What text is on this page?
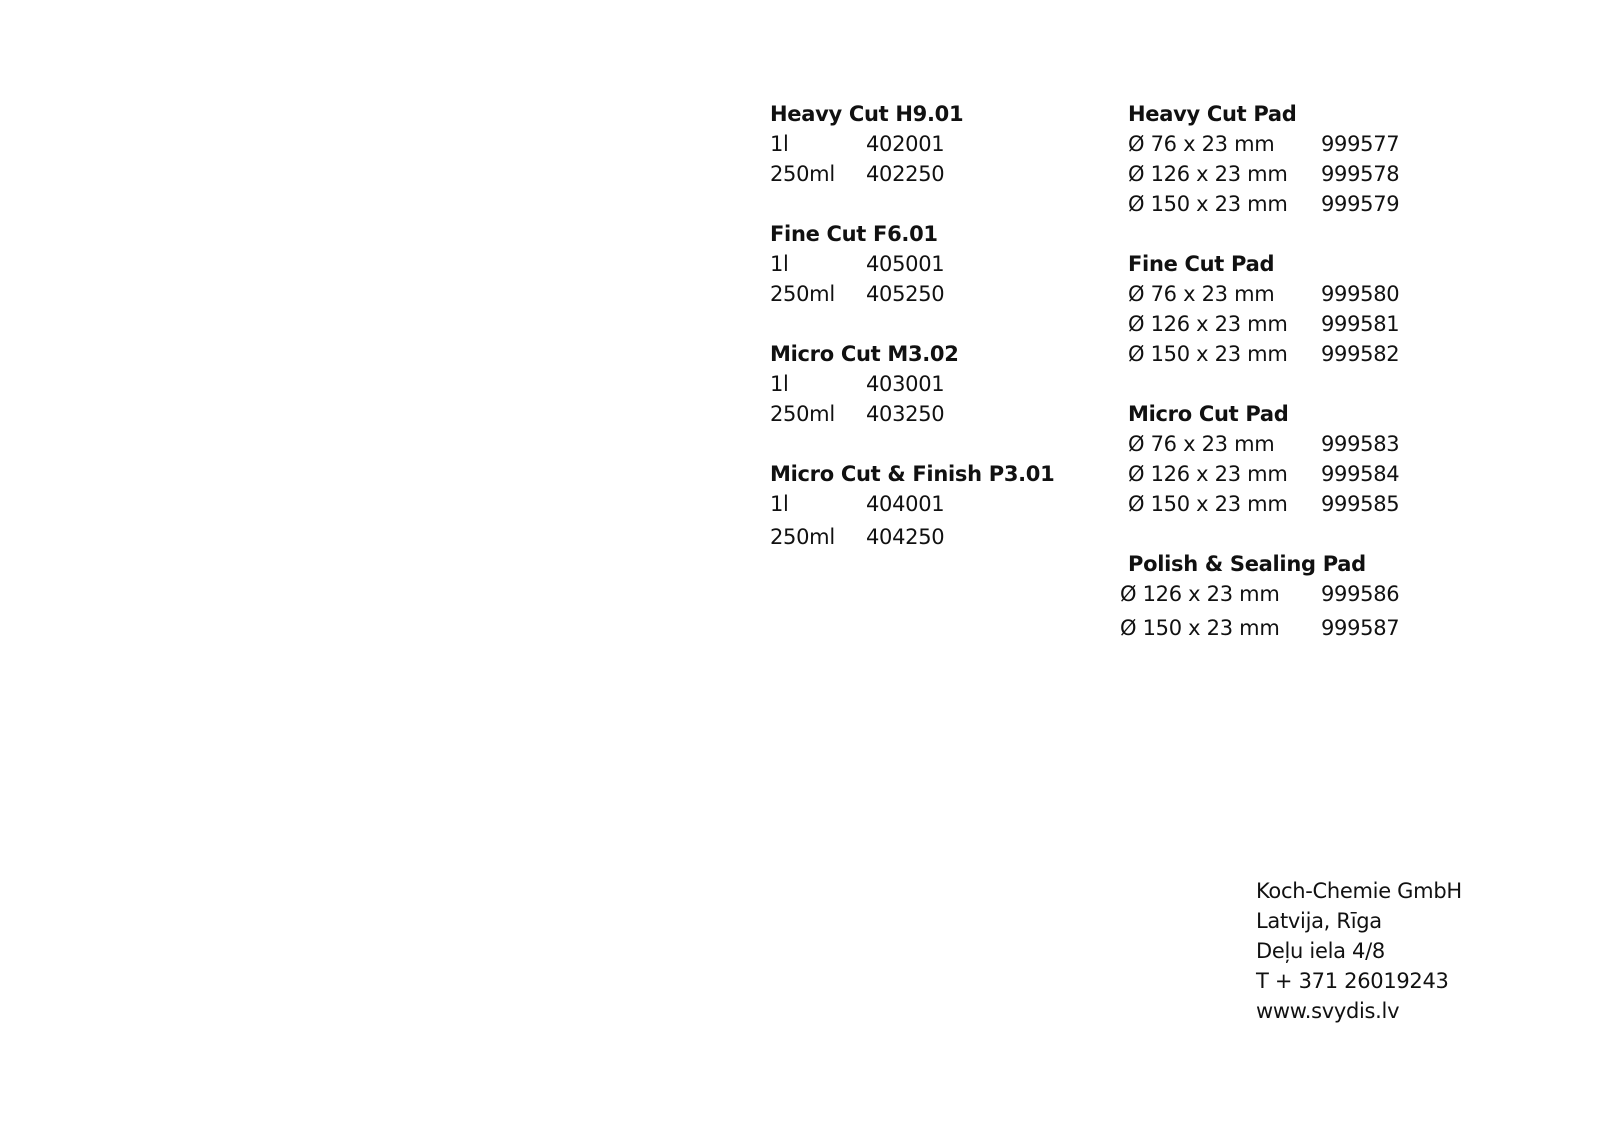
Heavy Cut H9.01
1l	402001
250ml	402250
Fine Cut F6.01
1l	405001
250ml	405250
Micro Cut M3.02
1l	403001
250ml	403250
Micro Cut & Finish P3.01
1l	404001
250ml	404250
Heavy Cut Pad
Ø 76 x 23 mm	999577
Ø 126 x 23 mm	999578
Ø 150 x 23 mm	999579
Fine Cut Pad
Ø 76 x 23 mm	999580
Ø 126 x 23 mm	999581
Ø 150 x 23 mm	999582
Micro Cut Pad
Ø 76 x 23 mm	999583
Ø 126 x 23 mm	999584
Ø 150 x 23 mm	999585
Polish & Sealing Pad
Ø 126 x 23 mm	999586
Ø 150 x 23 mm	999587
Koch-Chemie GmbH
Latvija, Rīga
Deļu iela 4/8
T + 371 26019243
www.svydis.lv
